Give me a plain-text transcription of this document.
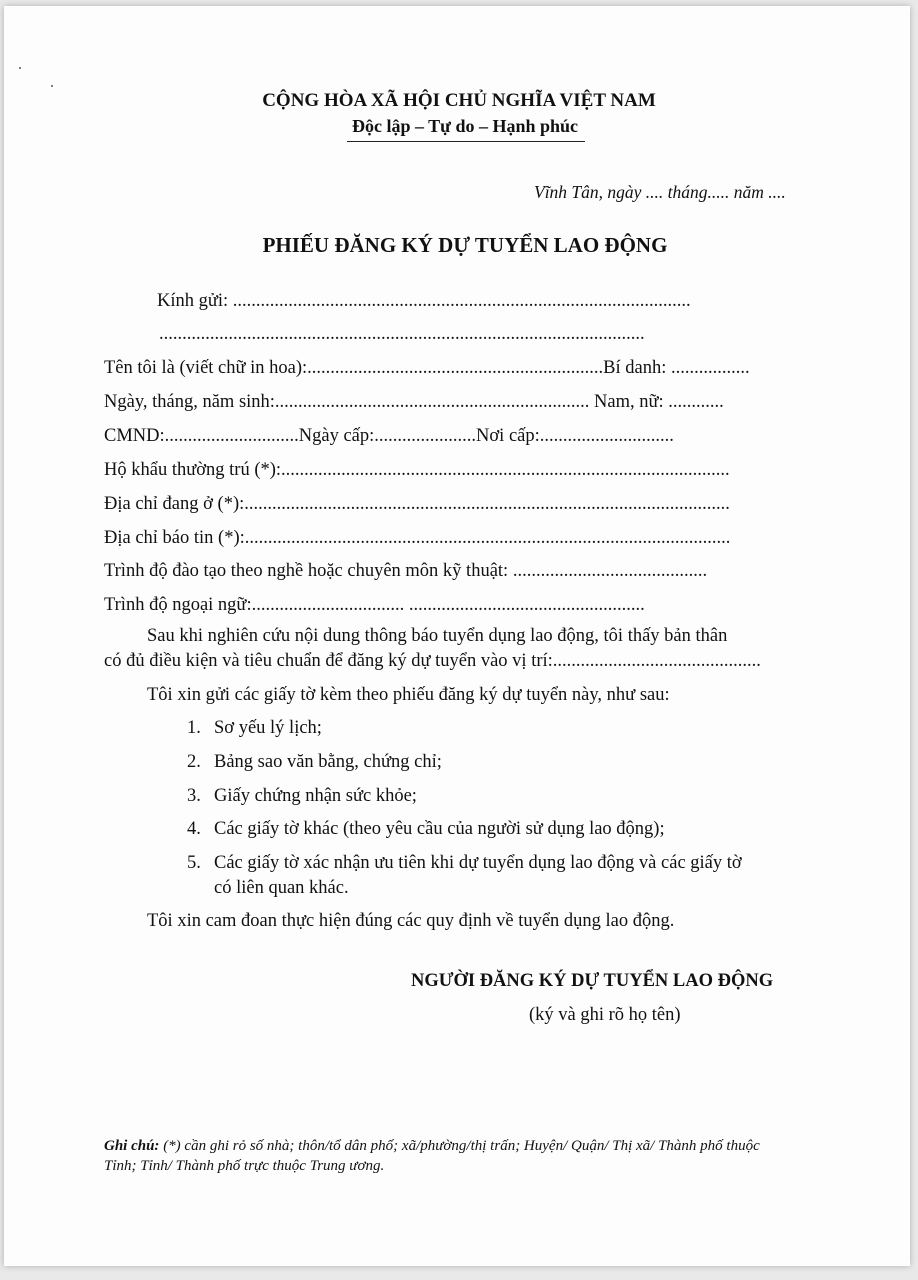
CỘNG HÒA XÃ HỘI CHỦ NGHĨA VIỆT NAM
Độc lập – Tự do – Hạnh phúc
Vĩnh Tân, ngày .... tháng..... năm ....
PHIẾU ĐĂNG KÝ DỰ TUYỂN LAO ĐỘNG
Kính gửi: ...................................................................................................
.........................................................................................................
Tên tôi là (viết chữ in hoa):................................................................Bí danh: .................
Ngày, tháng, năm sinh:.................................................................... Nam, nữ: ............
CMND:.............................Ngày cấp:......................Nơi cấp:.............................
Hộ khẩu thường trú (*):.................................................................................................
Địa chỉ đang ở (*):.........................................................................................................
Địa chỉ báo tin (*):.........................................................................................................
Trình độ đào tạo theo nghề hoặc chuyên môn kỹ thuật: ..........................................
Trình độ ngoại ngữ:................................. ...................................................
Sau khi nghiên cứu nội dung thông báo tuyển dụng lao động, tôi thấy bản thân
có đủ điều kiện và tiêu chuẩn để đăng ký dự tuyển vào vị trí:.............................................
Tôi xin gửi các giấy tờ kèm theo phiếu đăng ký dự tuyển này, như sau:
1. Sơ yếu lý lịch;
2. Bảng sao văn bằng, chứng chỉ;
3. Giấy chứng nhận sức khỏe;
4. Các giấy tờ khác (theo yêu cầu của người sử dụng lao động);
5. Các giấy tờ xác nhận ưu tiên khi dự tuyển dụng lao động và các giấy tờ
có liên quan khác.
Tôi xin cam đoan thực hiện đúng các quy định về tuyển dụng lao động.
NGƯỜI ĐĂNG KÝ DỰ TUYỂN LAO ĐỘNG
(ký và ghi rõ họ tên)
Ghi chú: (*) cần ghi rỏ số nhà; thôn/tổ dân phố; xã/phường/thị trấn; Huyện/ Quận/ Thị xã/ Thành phố thuộc
Tỉnh; Tỉnh/ Thành phố trực thuộc Trung ương.
